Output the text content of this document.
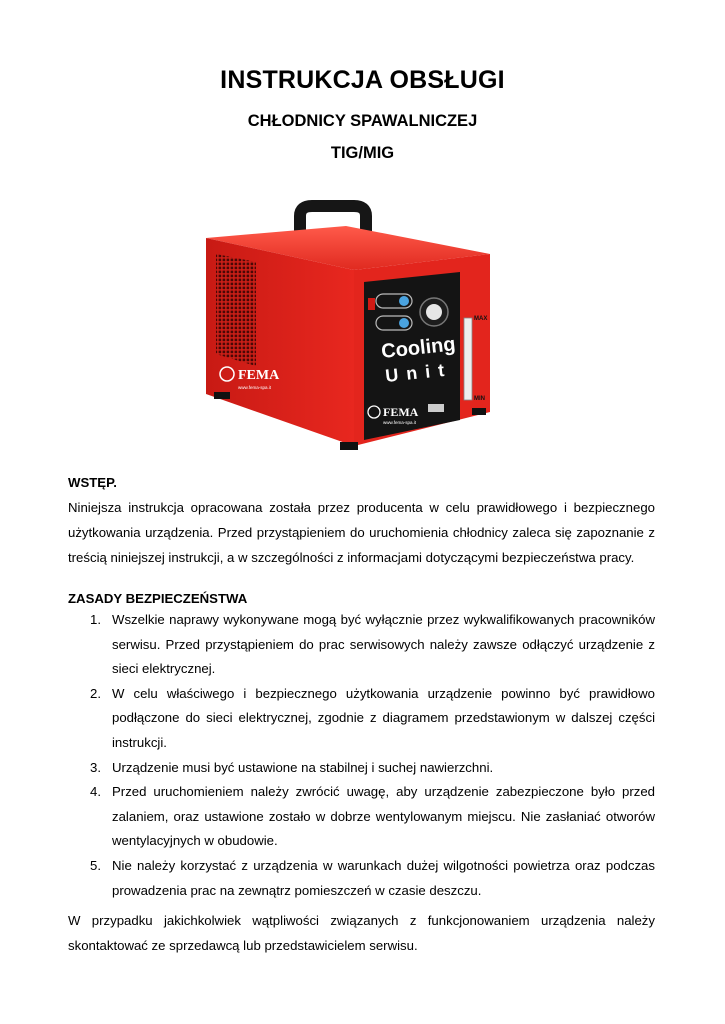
INSTRUKCJA OBSŁUGI
CHŁODNICY SPAWALNICZEJ
TIG/MIG
MAX
MIN
Cooling
Unit
FEMA
www.fema-spa.it
FEMA
www.fema-spa.it
WSTĘP.
Niniejsza instrukcja opracowana została przez producenta w celu prawidłowego i bezpiecznego użytkowania urządzenia. Przed przystąpieniem do uruchomienia chłodnicy zaleca się zapoznanie z treścią niniejszej instrukcji, a w szczególności z informacjami dotyczącymi bezpieczeństwa pracy.
ZASADY BEZPIECZEŃSTWA
1. Wszelkie naprawy wykonywane mogą być wyłącznie przez wykwalifikowanych pracowników serwisu. Przed przystąpieniem do prac serwisowych należy zawsze odłączyć urządzenie z sieci elektrycznej.
2. W celu właściwego i bezpiecznego użytkowania urządzenie powinno być prawidłowo podłączone do sieci elektrycznej, zgodnie z diagramem przedstawionym w dalszej części instrukcji.
3. Urządzenie musi być ustawione na stabilnej i suchej nawierzchni.
4. Przed uruchomieniem należy zwrócić uwagę, aby urządzenie zabezpieczone było przed zalaniem, oraz ustawione zostało w dobrze wentylowanym miejscu. Nie zasłaniać otworów wentylacyjnych w obudowie.
5. Nie należy korzystać z urządzenia w warunkach dużej wilgotności powietrza oraz podczas prowadzenia prac na zewnątrz pomieszczeń w czasie deszczu.
W przypadku jakichkolwiek wątpliwości związanych z funkcjonowaniem urządzenia należy skontaktować ze sprzedawcą lub przedstawicielem serwisu.
